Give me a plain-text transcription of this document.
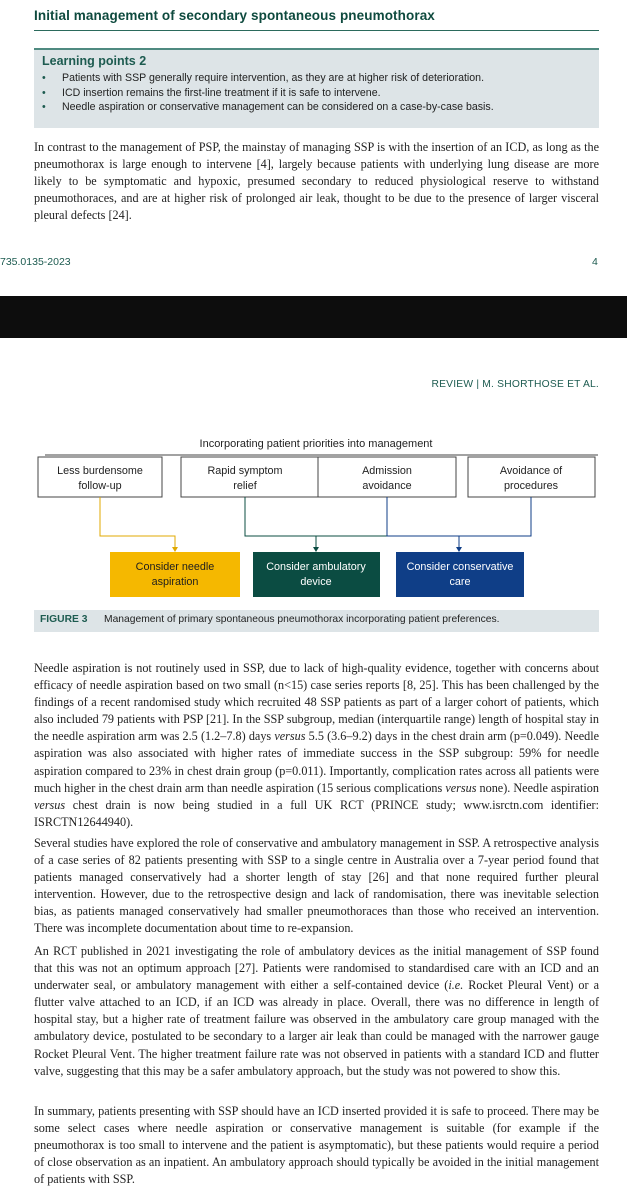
Initial management of secondary spontaneous pneumothorax
Learning points 2
• Patients with SSP generally require intervention, as they are at higher risk of deterioration.
• ICD insertion remains the first-line treatment if it is safe to intervene.
• Needle aspiration or conservative management can be considered on a case-by-case basis.

In contrast to the management of PSP, the mainstay of managing SSP is with the insertion of an ICD, as long as the pneumothorax is large enough to intervene [4], largely because patients with underlying lung disease are more likely to be symptomatic and hypoxic, presumed secondary to reduced physiological reserve to withstand pneumothoraces, and are at higher risk of prolonged air leak, thought to be due to the presence of larger visceral pleural defects [24].

735.0135-2023	4
REVIEW | M. SHORTHOSE ET AL.
Incorporating patient priorities into management
Less burdensome
follow-up
Rapid symptom
relief
Admission
avoidance
Avoidance of
procedures
Consider needle
aspiration
Consider ambulatory
device
Consider conservative
care
FIGURE 3 Management of primary spontaneous pneumothorax incorporating patient preferences.

Needle aspiration is not routinely used in SSP, due to lack of high-quality evidence, together with concerns about efficacy of needle aspiration based on two small (n<15) case series reports [8, 25]. This has been challenged by the findings of a recent randomised study which recruited 48 SSP patients as part of a larger cohort of patients, which also included 79 patients with PSP [21]. In the SSP subgroup, median (interquartile range) length of hospital stay in the needle aspiration arm was 2.5 (1.2–7.8) days versus 5.5 (3.6–9.2) days in the chest drain arm (p=0.049). Needle aspiration was also associated with higher rates of immediate success in the SSP subgroup: 59% for needle aspiration compared to 23% in chest drain group (p=0.011). Importantly, complication rates across all patients were much higher in the chest drain arm than needle aspiration (15 serious complications versus none). Needle aspiration versus chest drain is now being studied in a full UK RCT (PRINCE study; www.isrctn.com identifier: ISRCTN12644940).

Several studies have explored the role of conservative and ambulatory management in SSP. A retrospective analysis of a case series of 82 patients presenting with SSP to a single centre in Australia over a 7-year period found that patients managed conservatively had a shorter length of stay [26] and that none required further pleural intervention. However, due to the retrospective design and lack of randomisation, there was inevitable selection bias, as patients managed conservatively had smaller pneumothoraces than those who received an intervention. There was incomplete documentation about time to re-expansion.

An RCT published in 2021 investigating the role of ambulatory devices as the initial management of SSP found that this was not an optimum approach [27]. Patients were randomised to standardised care with an ICD and an underwater seal, or ambulatory management with either a self-contained device (i.e. Rocket Pleural Vent) or a flutter valve attached to an ICD, if an ICD was already in place. Overall, there was no difference in length of hospital stay, but a higher rate of treatment failure was observed in the ambulatory care group managed with the ambulatory device, postulated to be secondary to a larger air leak than could be managed with the narrower gauge Rocket Pleural Vent. The higher treatment failure rate was not observed in patients with a standard ICD and flutter valve, suggesting that this may be a safer ambulatory approach, but the study was not powered to show this.

In summary, patients presenting with SSP should have an ICD inserted provided it is safe to proceed. There may be some select cases where needle aspiration or conservative management is suitable (for example if the pneumothorax is too small to intervene and the patient is asymptomatic), but these patients would require a period of close observation as an inpatient. An ambulatory approach should typically be avoided in the initial management of patients with SSP.
